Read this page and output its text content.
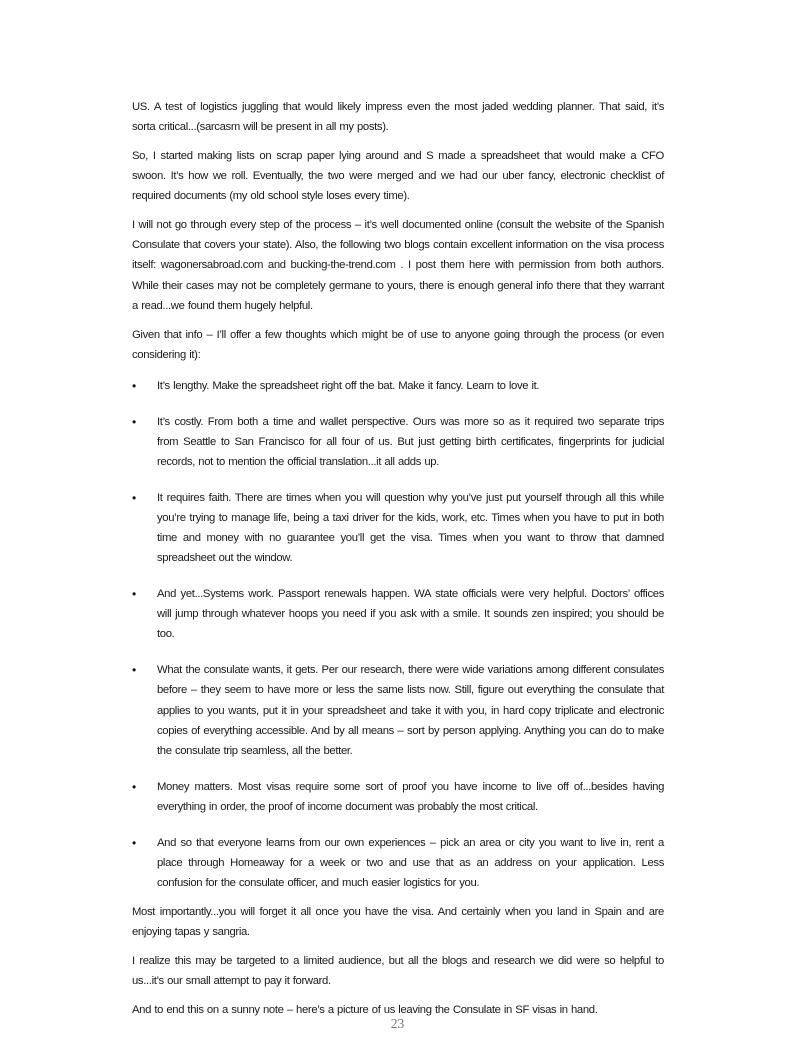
US. A test of logistics juggling that would likely impress even the most jaded wedding planner. That said, it’s sorta critical...(sarcasm will be present in all my posts).

So, I started making lists on scrap paper lying around and S made a spreadsheet that would make a CFO swoon. It’s how we roll. Eventually, the two were merged and we had our uber fancy, electronic checklist of required documents (my old school style loses every time).

I will not go through every step of the process – it’s well documented online (consult the website of the Spanish Consulate that covers your state). Also, the following two blogs contain excellent information on the visa process itself: wagonersabroad.com and bucking-the-trend.com . I post them here with permission from both authors. While their cases may not be completely germane to yours, there is enough general info there that they warrant a read...we found them hugely helpful.

Given that info – I’ll offer a few thoughts which might be of use to anyone going through the process (or even considering it):

• It’s lengthy. Make the spreadsheet right off the bat. Make it fancy. Learn to love it.
• It’s costly. From both a time and wallet perspective. Ours was more so as it required two separate trips from Seattle to San Francisco for all four of us. But just getting birth certificates, fingerprints for judicial records, not to mention the official translation...it all adds up.
• It requires faith. There are times when you will question why you’ve just put yourself through all this while you’re trying to manage life, being a taxi driver for the kids, work, etc. Times when you have to put in both time and money with no guarantee you’ll get the visa. Times when you want to throw that damned spreadsheet out the window.
• And yet...Systems work. Passport renewals happen. WA state officials were very helpful. Doctors’ offices will jump through whatever hoops you need if you ask with a smile. It sounds zen inspired; you should be too.
• What the consulate wants, it gets. Per our research, there were wide variations among different consulates before – they seem to have more or less the same lists now. Still, figure out everything the consulate that applies to you wants, put it in your spreadsheet and take it with you, in hard copy triplicate and electronic copies of everything accessible. And by all means – sort by person applying. Anything you can do to make the consulate trip seamless, all the better.
• Money matters. Most visas require some sort of proof you have income to live off of...besides having everything in order, the proof of income document was probably the most critical.
• And so that everyone learns from our own experiences – pick an area or city you want to live in, rent a place through Homeaway for a week or two and use that as an address on your application. Less confusion for the consulate officer, and much easier logistics for you.

Most importantly...you will forget it all once you have the visa. And certainly when you land in Spain and are enjoying tapas y sangria.

I realize this may be targeted to a limited audience, but all the blogs and research we did were so helpful to us...it’s our small attempt to pay it forward.

And to end this on a sunny note – here’s a picture of us leaving the Consulate in SF visas in hand.

23
